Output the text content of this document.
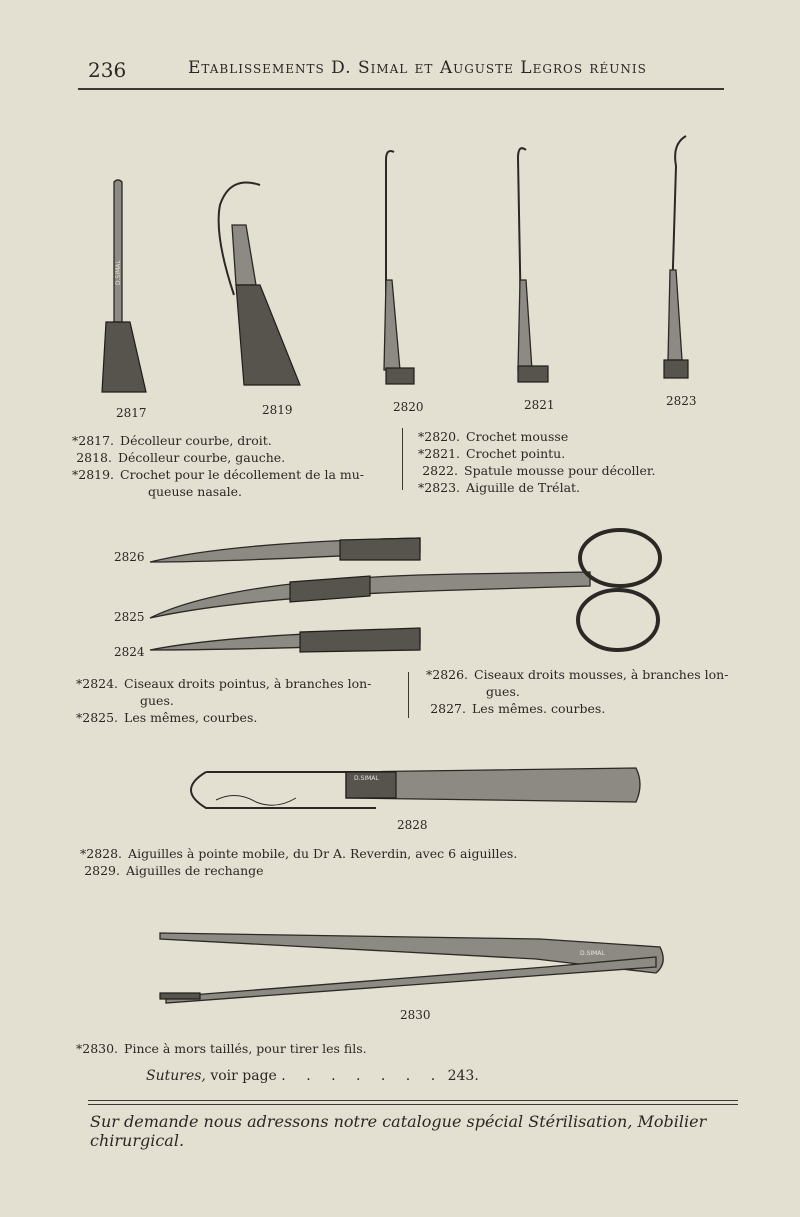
236	Etablissements D. Simal et Auguste Legros réunis
D.SIMAL
2817	2819	2820	2821	2823
*2817. Décolleur courbe, droit.
2818. Décolleur courbe, gauche.
*2819. Crochet pour le décollement de la mu-
queuse nasale.
*2820. Crochet mousse
*2821. Crochet pointu.
2822. Spatule mousse pour décoller.
*2823. Aiguille de Trélat.
2826
2825
2824
*2824. Ciseaux droits pointus, à branches lon-
gues.
*2825. Les mêmes, courbes.
*2826. Ciseaux droits mousses, à branches lon-
gues.
2827. Les mêmes. courbes.
D.SIMAL
2828
*2828. Aiguilles à pointe mobile, du Dr A. Reverdin, avec 6 aiguilles.
2829. Aiguilles de rechange
D.SIMAL
2830
*2830. Pince à mors taillés, pour tirer les fils.
Sutures, voir page . . . . . . . 243.
Sur demande nous adressons notre catalogue spécial Stérilisation, Mobilier chirurgical.
